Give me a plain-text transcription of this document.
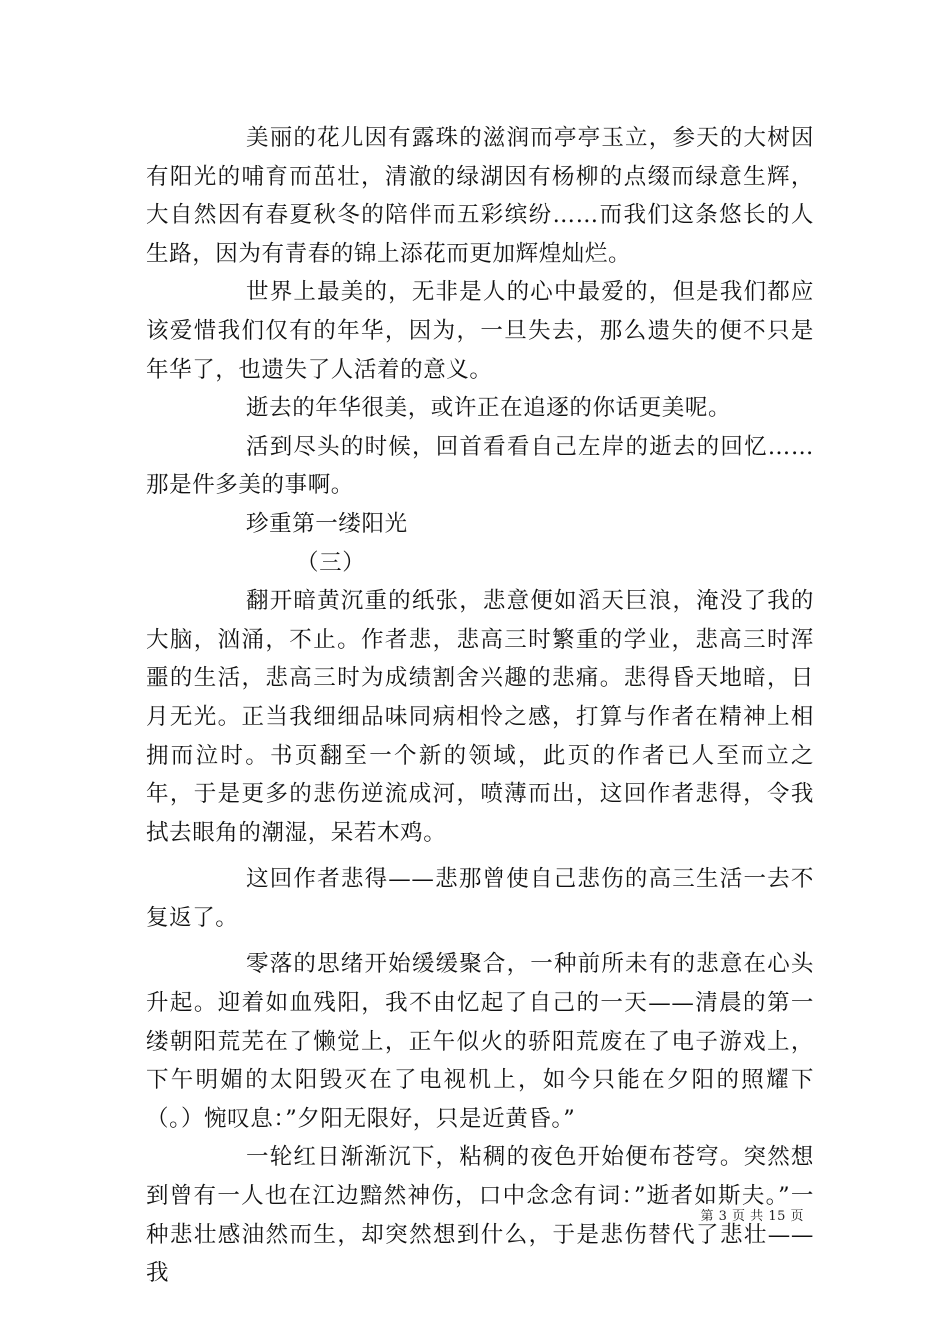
美丽的花儿因有露珠的滋润而亭亭玉立，参天的大树因有阳光的哺育而茁壮，清澈的绿湖因有杨柳的点缀而绿意生辉，大自然因有春夏秋冬的陪伴而五彩缤纷……而我们这条悠长的人生路，因为有青春的锦上添花而更加辉煌灿烂。

世界上最美的，无非是人的心中最爱的，但是我们都应该爱惜我们仅有的年华，因为，一旦失去，那么遗失的便不只是年华了，也遗失了人活着的意义。

逝去的年华很美，或许正在追逐的你话更美呢。

活到尽头的时候，回首看看自己左岸的逝去的回忆……那是件多美的事啊。

珍重第一缕阳光

（三）

翻开暗黄沉重的纸张，悲意便如滔天巨浪，淹没了我的大脑，汹涌，不止。作者悲，悲高三时繁重的学业，悲高三时浑噩的生活，悲高三时为成绩割舍兴趣的悲痛。悲得昏天地暗，日月无光。正当我细细品味同病相怜之感，打算与作者在精神上相拥而泣时。书页翻至一个新的领域，此页的作者已人至而立之年，于是更多的悲伤逆流成河，喷薄而出，这回作者悲得，令我拭去眼角的潮湿，呆若木鸡。

这回作者悲得——悲那曾使自己悲伤的高三生活一去不复返了。

零落的思绪开始缓缓聚合，一种前所未有的悲意在心头升起。迎着如血残阳，我不由忆起了自己的一天——清晨的第一缕朝阳荒芜在了懒觉上，正午似火的骄阳荒废在了电子游戏上，下午明媚的太阳毁灭在了电视机上，如今只能在夕阳的照耀下（。）惋叹息：”夕阳无限好，只是近黄昏。”

一轮红日渐渐沉下，粘稠的夜色开始便布苍穹。突然想到曾有一人也在江边黯然神伤，口中念念有词：”逝者如斯夫。”一种悲壮感油然而生，却突然想到什么，于是悲伤替代了悲壮——我

第 3 页 共 15 页
